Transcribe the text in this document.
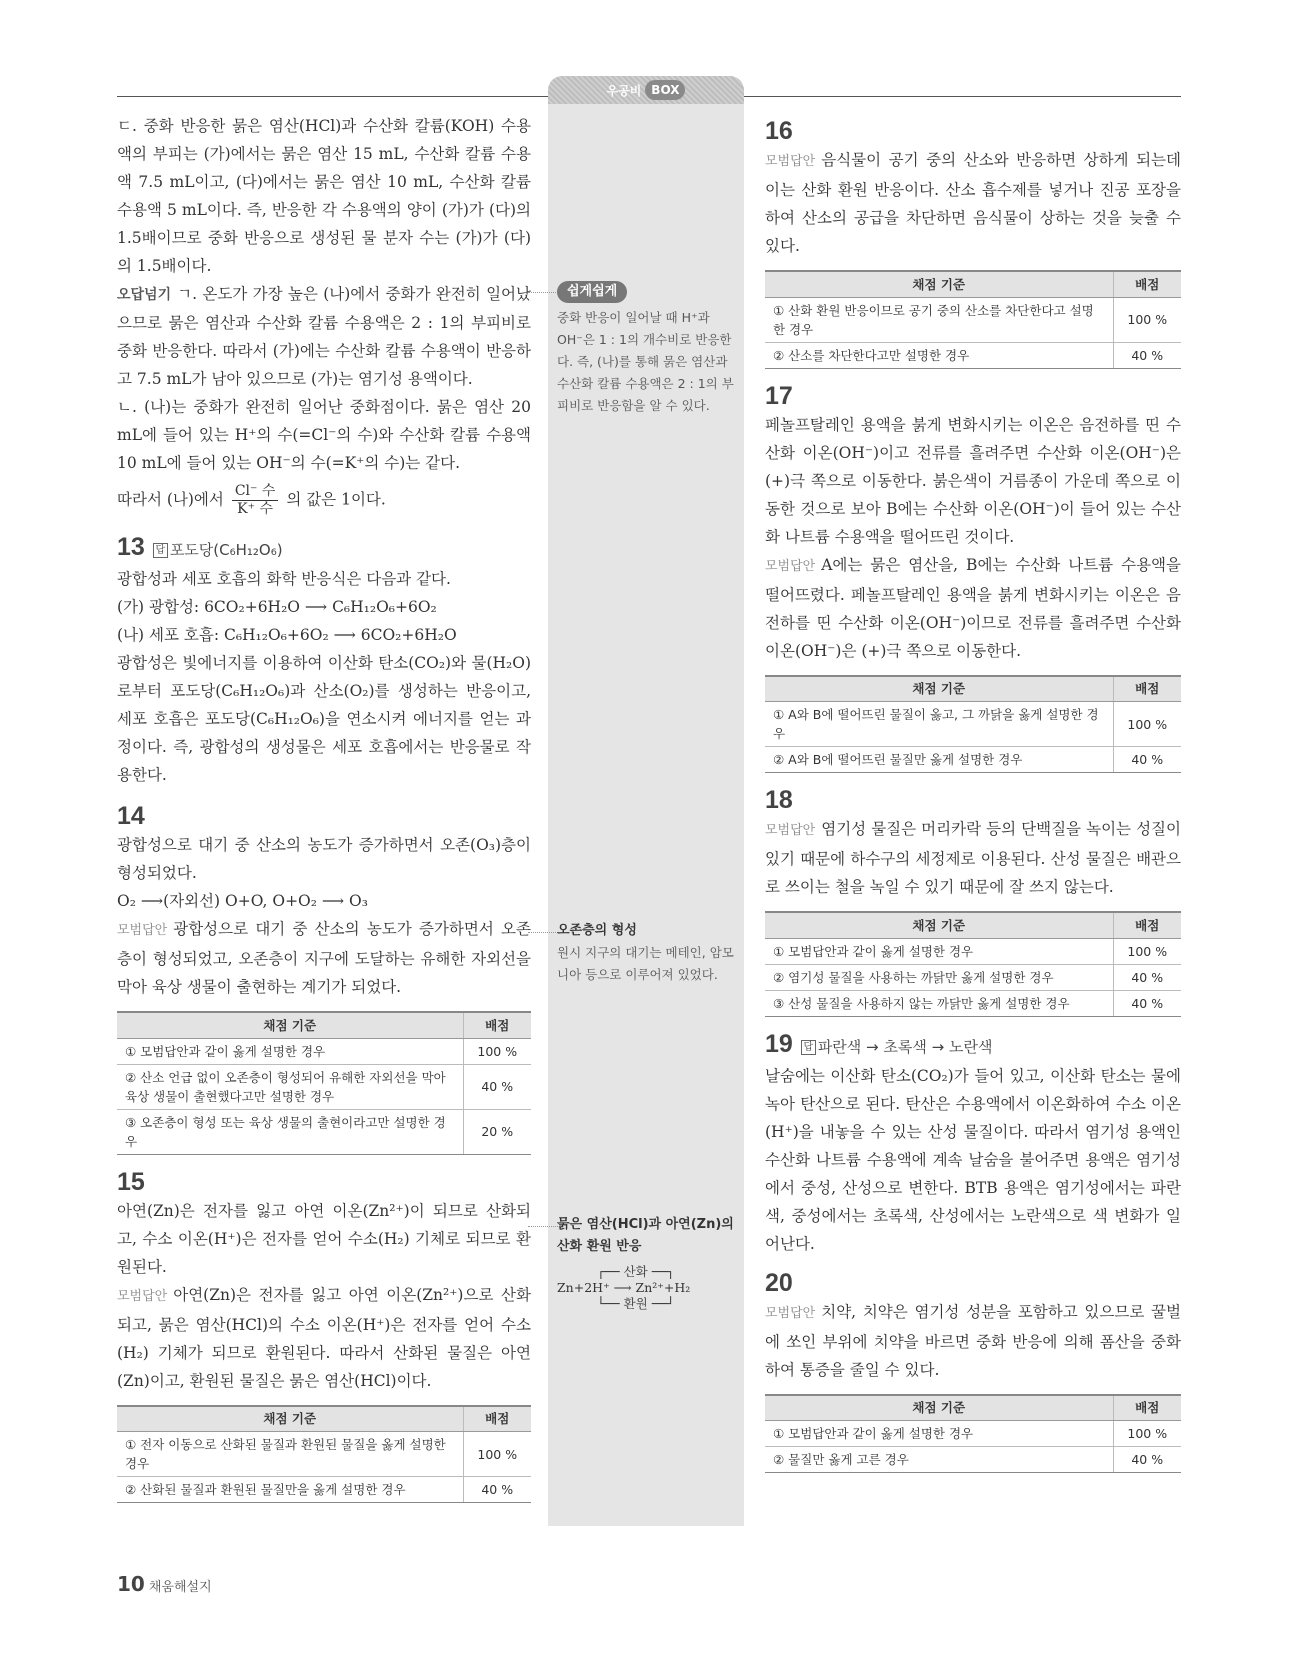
우공비 BOX

ㄷ. 중화 반응한 묽은 염산(HCl)과 수산화 칼륨(KOH) 수용액의 부피는 (가)에서는 묽은 염산 15 mL, 수산화 칼륨 수용액 7.5 mL이고, (다)에서는 묽은 염산 10 mL, 수산화 칼륨 수용액 5 mL이다. 즉, 반응한 각 수용액의 양이 (가)가 (다)의 1.5배이므로 중화 반응으로 생성된 물 분자 수는 (가)가 (다)의 1.5배이다.

오답넘기 ㄱ. 온도가 가장 높은 (나)에서 중화가 완전히 일어났으므로 묽은 염산과 수산화 칼륨 수용액은 2 : 1의 부피비로 중화 반응한다. 따라서 (가)에는 수산화 칼륨 수용액이 반응하고 7.5 mL가 남아 있으므로 (가)는 염기성 용액이다.

ㄴ. (나)는 중화가 완전히 일어난 중화점이다. 묽은 염산 20 mL에 들어 있는 H⁺의 수(=Cl⁻의 수)와 수산화 칼륨 수용액 10 mL에 들어 있는 OH⁻의 수(=K⁺의 수)는 같다.

따라서 (나)에서 $\frac{\text{Cl⁻ 수}}{\text{K⁺ 수}}$ 의 값은 1이다.

13 답 포도당(C₆H₁₂O₆)

광합성과 세포 호흡의 화학 반응식은 다음과 같다.

(가) 광합성: 6CO₂+6H₂O ⟶ C₆H₁₂O₆+6O₂

(나) 세포 호흡: C₆H₁₂O₆+6O₂ ⟶ 6CO₂+6H₂O

광합성은 빛에너지를 이용하여 이산화 탄소(CO₂)와 물(H₂O)로부터 포도당(C₆H₁₂O₆)과 산소(O₂)를 생성하는 반응이고, 세포 호흡은 포도당(C₆H₁₂O₆)을 연소시켜 에너지를 얻는 과정이다. 즉, 광합성의 생성물은 세포 호흡에서는 반응물로 작용한다.

14

광합성으로 대기 중 산소의 농도가 증가하면서 오존(O₃)층이 형성되었다.

O₂ ⟶(자외선) O+O, O+O₂ ⟶ O₃

모범답안 광합성으로 대기 중 산소의 농도가 증가하면서 오존층이 형성되었고, 오존층이 지구에 도달하는 유해한 자외선을 막아 육상 생물이 출현하는 계기가 되었다.

채점 기준	배점
① 모범답안과 같이 옳게 설명한 경우	100 %
② 산소 언급 없이 오존층이 형성되어 유해한 자외선을 막아 육상 생물이 출현했다고만 설명한 경우	40 %
③ 오존층이 형성 또는 육상 생물의 출현이라고만 설명한 경우	20 %
15

아연(Zn)은 전자를 잃고 아연 이온(Zn²⁺)이 되므로 산화되고, 수소 이온(H⁺)은 전자를 얻어 수소(H₂) 기체로 되므로 환원된다.

모범답안 아연(Zn)은 전자를 잃고 아연 이온(Zn²⁺)으로 산화되고, 묽은 염산(HCl)의 수소 이온(H⁺)은 전자를 얻어 수소(H₂) 기체가 되므로 환원된다. 따라서 산화된 물질은 아연(Zn)이고, 환원된 물질은 묽은 염산(HCl)이다.

채점 기준	배점
① 전자 이동으로 산화된 물질과 환원된 물질을 옳게 설명한 경우	100 %
② 산화된 물질과 환원된 물질만을 옳게 설명한 경우	40 %
쉽게쉽게
중화 반응이 일어날 때 H⁺과 OH⁻은 1 : 1의 개수비로 반응한다. 즉, (나)를 통해 묽은 염산과 수산화 칼륨 수용액은 2 : 1의 부피비로 반응함을 알 수 있다.
오존층의 형성
원시 지구의 대기는 메테인, 암모니아 등으로 이루어져 있었다.
묽은 염산(HCl)과 아연(Zn)의 산화 환원 반응
┌── 산화 ──┐
Zn+2H⁺ ⟶ Zn²⁺+H₂
└── 환원 ──┘
16

모범답안 음식물이 공기 중의 산소와 반응하면 상하게 되는데 이는 산화 환원 반응이다. 산소 흡수제를 넣거나 진공 포장을 하여 산소의 공급을 차단하면 음식물이 상하는 것을 늦출 수 있다.

채점 기준	배점
① 산화 환원 반응이므로 공기 중의 산소를 차단한다고 설명한 경우	100 %
② 산소를 차단한다고만 설명한 경우	40 %
17

페놀프탈레인 용액을 붉게 변화시키는 이온은 음전하를 띤 수산화 이온(OH⁻)이고 전류를 흘려주면 수산화 이온(OH⁻)은 (+)극 쪽으로 이동한다. 붉은색이 거름종이 가운데 쪽으로 이동한 것으로 보아 B에는 수산화 이온(OH⁻)이 들어 있는 수산화 나트륨 수용액을 떨어뜨린 것이다.

모범답안 A에는 묽은 염산을, B에는 수산화 나트륨 수용액을 떨어뜨렸다. 페놀프탈레인 용액을 붉게 변화시키는 이온은 음전하를 띤 수산화 이온(OH⁻)이므로 전류를 흘려주면 수산화 이온(OH⁻)은 (+)극 쪽으로 이동한다.

채점 기준	배점
① A와 B에 떨어뜨린 물질이 옳고, 그 까닭을 옳게 설명한 경우	100 %
② A와 B에 떨어뜨린 물질만 옳게 설명한 경우	40 %
18

모범답안 염기성 물질은 머리카락 등의 단백질을 녹이는 성질이 있기 때문에 하수구의 세정제로 이용된다. 산성 물질은 배관으로 쓰이는 철을 녹일 수 있기 때문에 잘 쓰지 않는다.

채점 기준	배점
① 모범답안과 같이 옳게 설명한 경우	100 %
② 염기성 물질을 사용하는 까닭만 옳게 설명한 경우	40 %
③ 산성 물질을 사용하지 않는 까닭만 옳게 설명한 경우	40 %
19 답 파란색 → 초록색 → 노란색

날숨에는 이산화 탄소(CO₂)가 들어 있고, 이산화 탄소는 물에 녹아 탄산으로 된다. 탄산은 수용액에서 이온화하여 수소 이온(H⁺)을 내놓을 수 있는 산성 물질이다. 따라서 염기성 용액인 수산화 나트륨 수용액에 계속 날숨을 불어주면 용액은 염기성에서 중성, 산성으로 변한다. BTB 용액은 염기성에서는 파란색, 중성에서는 초록색, 산성에서는 노란색으로 색 변화가 일어난다.

20

모범답안 치약, 치약은 염기성 성분을 포함하고 있으므로 꿀벌에 쏘인 부위에 치약을 바르면 중화 반응에 의해 폼산을 중화하여 통증을 줄일 수 있다.

채점 기준	배점
① 모범답안과 같이 옳게 설명한 경우	100 %
② 물질만 옳게 고른 경우	40 %
10 채움해설지
